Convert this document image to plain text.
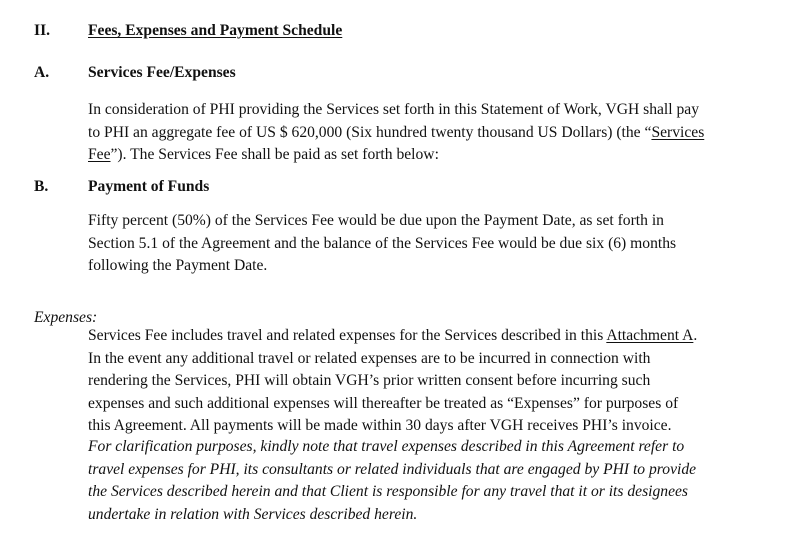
II. Fees, Expenses and Payment Schedule
A. Services Fee/Expenses
In consideration of PHI providing the Services set forth in this Statement of Work, VGH shall pay
to PHI an aggregate fee of US $ 620,000 (Six hundred twenty thousand US Dollars) (the “Services
Fee”). The Services Fee shall be paid as set forth below:
B.	Payment of Funds
Fifty percent (50%) of the Services Fee would be due upon the Payment Date, as set forth in
Section 5.1 of the Agreement and the balance of the Services Fee would be due six (6) months
following the Payment Date.
Expenses:
Services Fee includes travel and related expenses for the Services described in this Attachment A.
In the event any additional travel or related expenses are to be incurred in connection with
rendering the Services, PHI will obtain VGH’s prior written consent before incurring such
expenses and such additional expenses will thereafter be treated as “Expenses” for purposes of
this Agreement. All payments will be made within 30 days after VGH receives PHI’s invoice.
For clarification purposes, kindly note that travel expenses described in this Agreement refer to
travel expenses for PHI, its consultants or related individuals that are engaged by PHI to provide
the Services described herein and that Client is responsible for any travel that it or its designees
undertake in relation with Services described herein.
